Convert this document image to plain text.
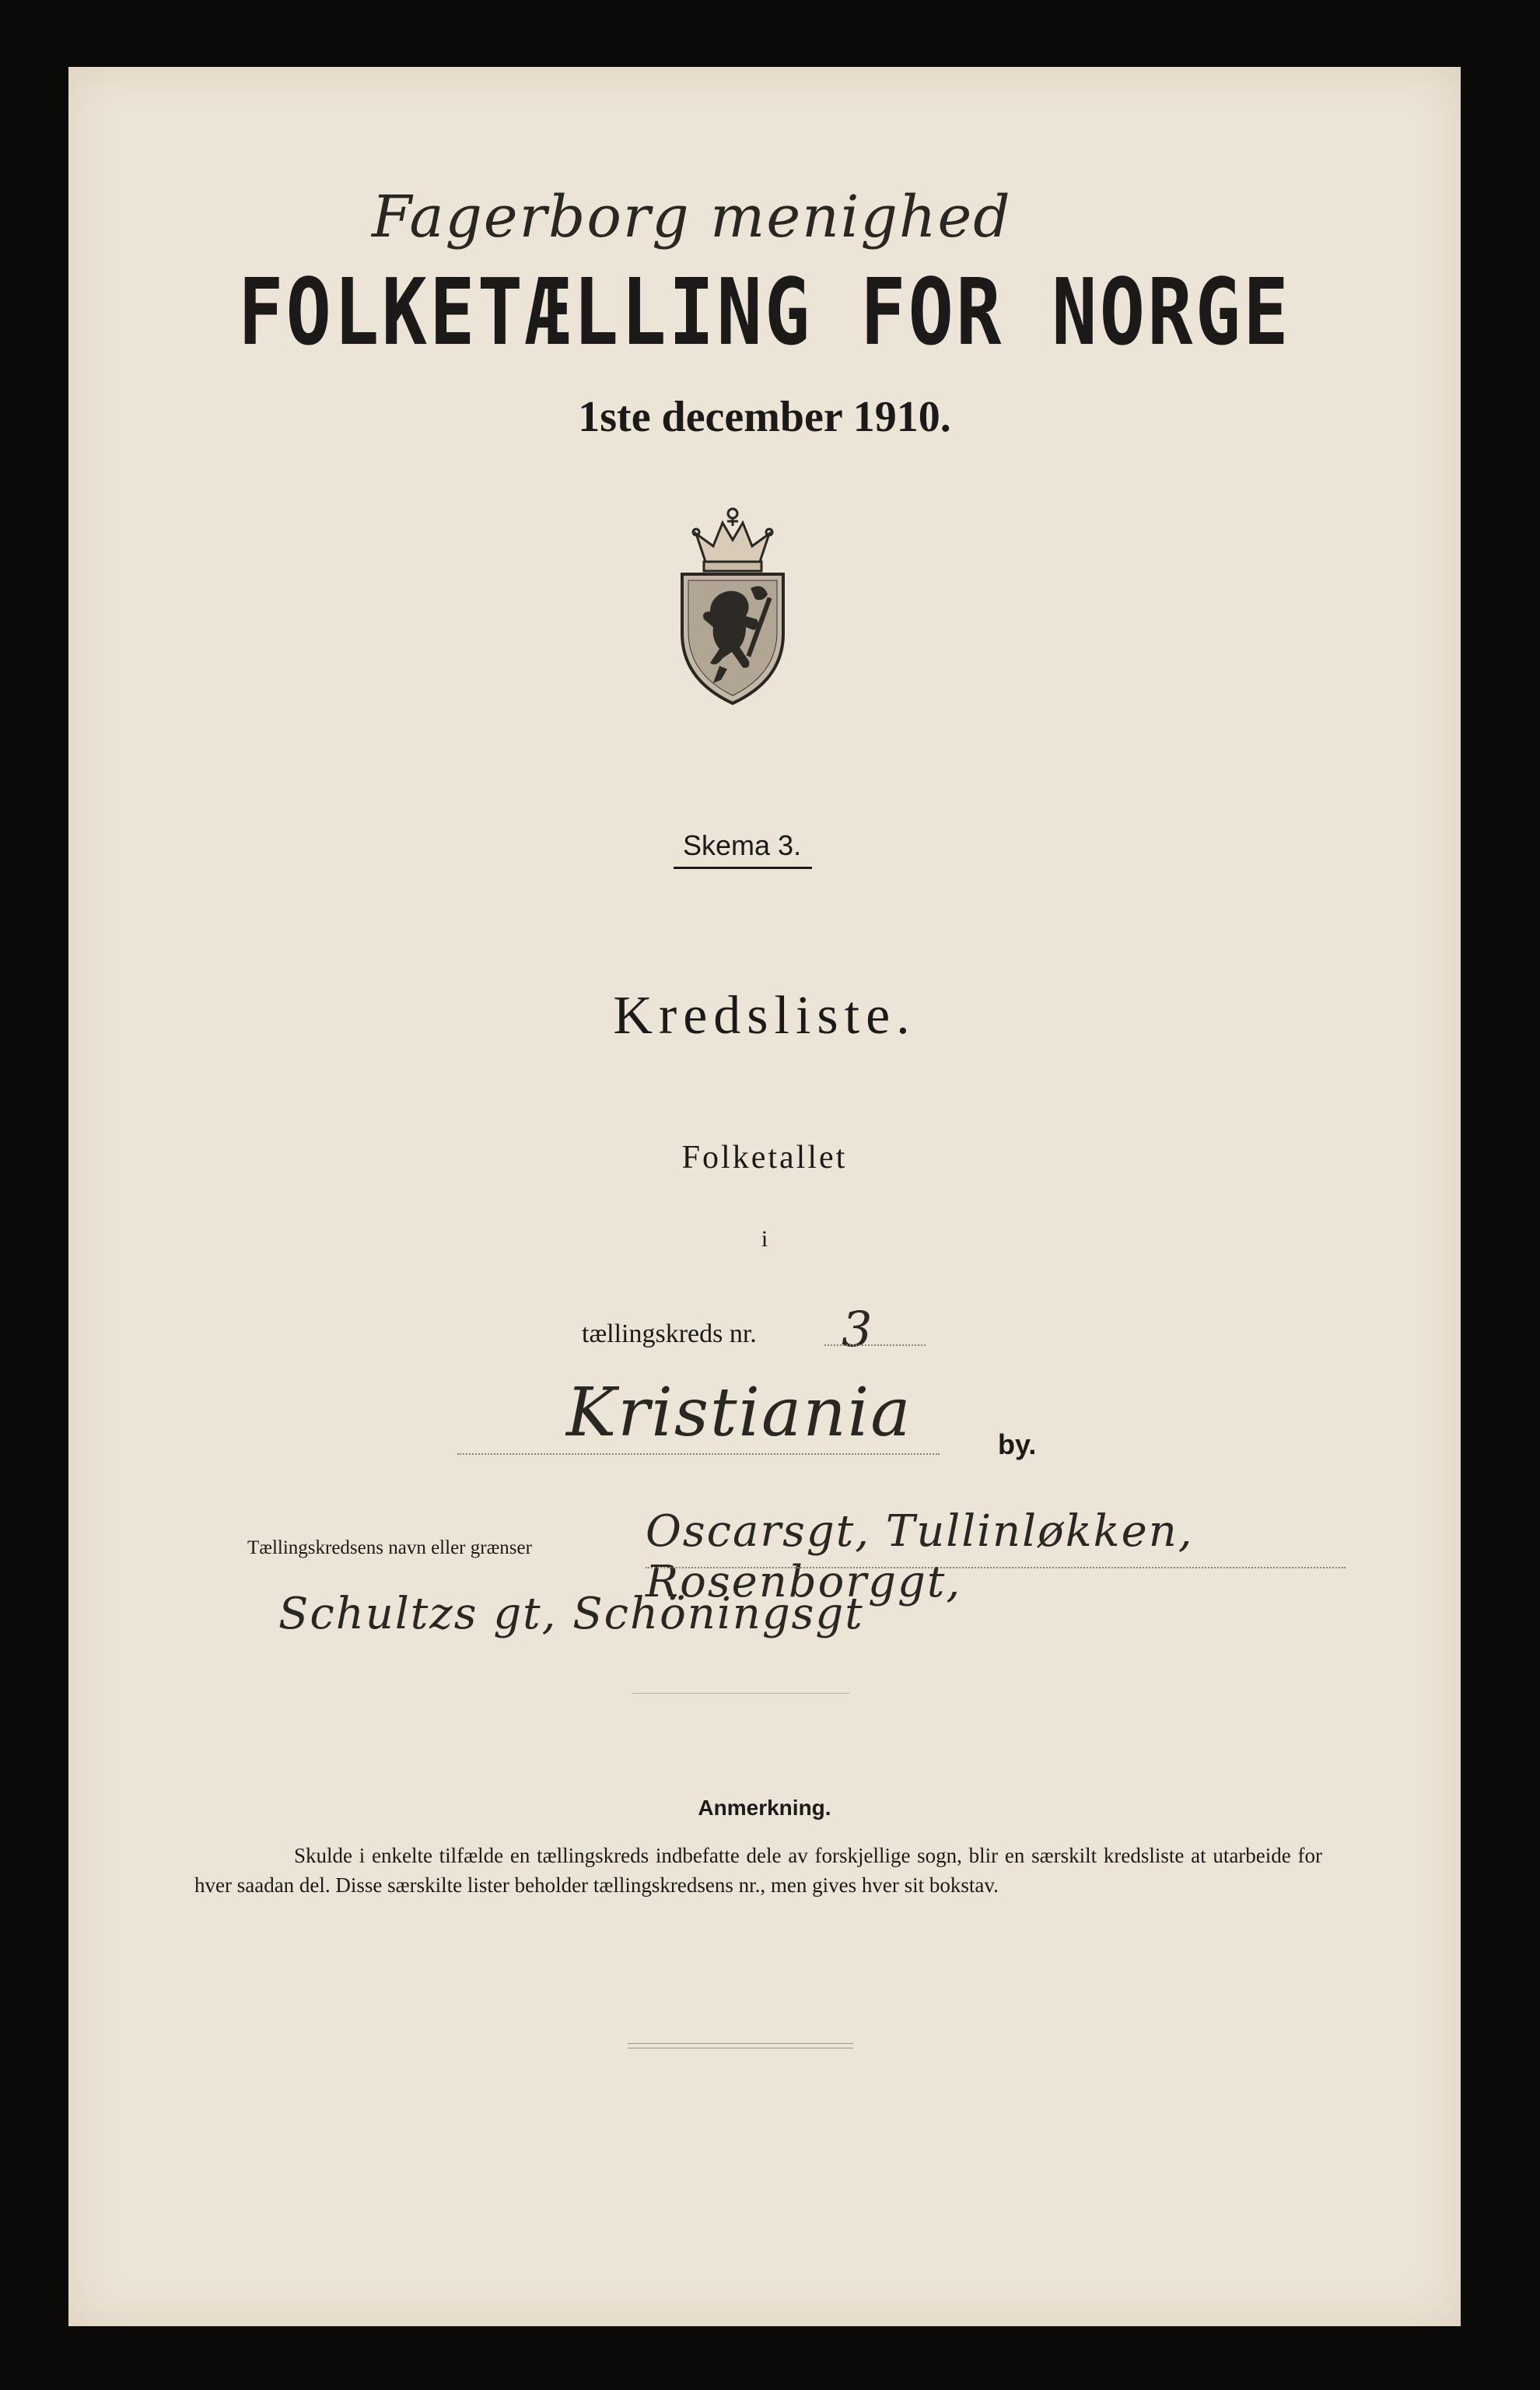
Fagerborg menighed
FOLKETÆLLING FOR NORGE
1ste december 1910.
Skema 3.
Kredsliste.
Folketallet
i
tællingskreds nr. 3
Kristiania	by.
Tællingskredsens navn eller grænser	Oscarsgt, Tullinløkken, Rosenborggt,
Schultzs gt, Schöningsgt
Anmerkning.
Skulde i enkelte tilfælde en tællingskreds indbefatte dele av forskjellige sogn, blir en særskilt kredsliste at utarbeide for hver saadan del. Disse særskilte lister beholder tællingskredsens nr., men gives hver sit bokstav.
